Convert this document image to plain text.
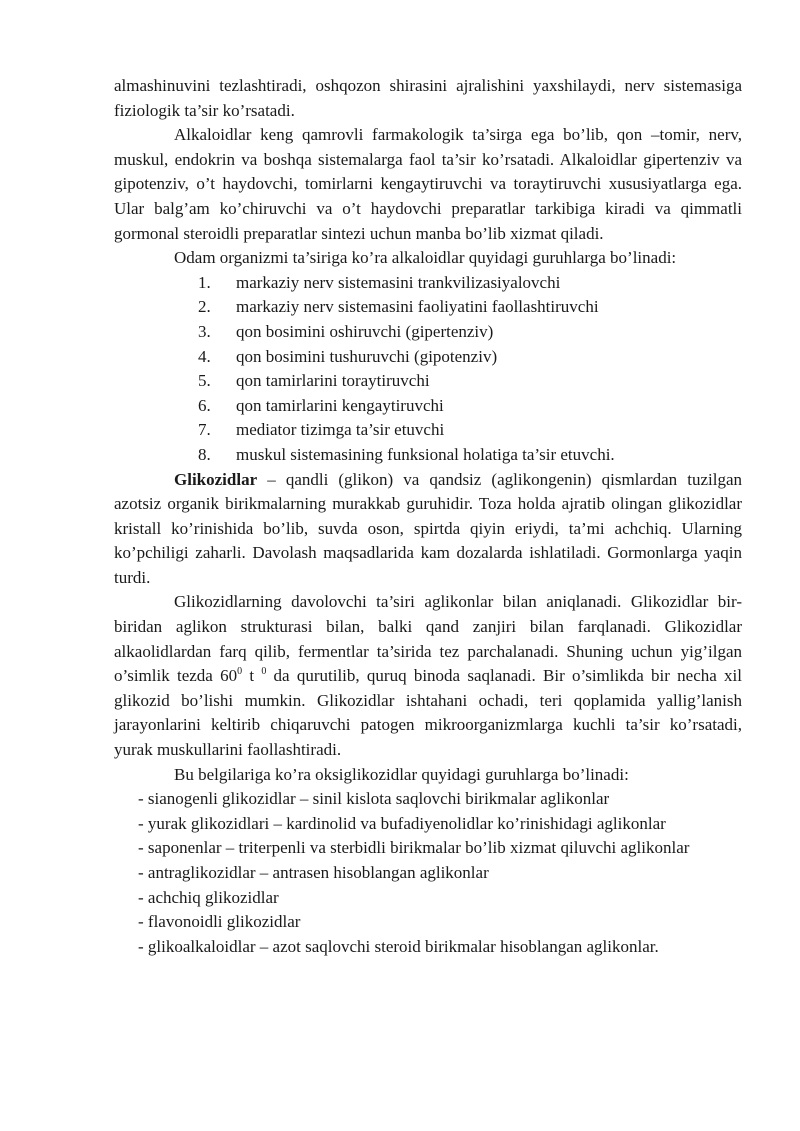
almashinuvini tezlashtiradi, oshqozon shirasini ajralishini yaxshilaydi, nerv sistemasiga fiziologik ta’sir ko’rsatadi.

Alkaloidlar keng qamrovli farmakologik ta’sirga ega bo’lib, qon –tomir, nerv, muskul, endokrin va boshqa sistemalarga faol ta’sir ko’rsatadi. Alkaloidlar gipertenziv va gipotenziv, o’t haydovchi, tomirlarni kengaytiruvchi va toraytiruvchi xususiyatlarga ega. Ular balg’am ko’chiruvchi va o’t haydovchi preparatlar tarkibiga kiradi va qimmatli gormonal steroidli preparatlar sintezi uchun manba bo’lib xizmat qiladi.

Odam organizmi ta’siriga ko’ra alkaloidlar quyidagi guruhlarga bo’linadi:

1. markaziy nerv sistemasini trankvilizasiyalovchi
2. markaziy nerv sistemasini faoliyatini faollashtiruvchi
3. qon bosimini oshiruvchi (gipertenziv)
4. qon bosimini tushuruvchi (gipotenziv)
5. qon tamirlarini toraytiruvchi
6. qon tamirlarini kengaytiruvchi
7. mediator tizimga ta’sir etuvchi
8. muskul sistemasining funksional holatiga ta’sir etuvchi.

Glikozidlar – qandli (glikon) va qandsiz (aglikongenin) qismlardan tuzilgan azotsiz organik birikmalarning murakkab guruhidir. Toza holda ajratib olingan glikozidlar kristall ko’rinishida bo’lib, suvda oson, spirtda qiyin eriydi, ta’mi achchiq. Ularning ko’pchiligi zaharli. Davolash maqsadlarida kam dozalarda ishlatiladi. Gormonlarga yaqin turdi.

Glikozidlarning davolovchi ta’siri aglikonlar bilan aniqlanadi. Glikozidlar bir-biridan aglikon strukturasi bilan, balki qand zanjiri bilan farqlanadi. Glikozidlar alkaolidlardan farq qilib, fermentlar ta’sirida tez parchalanadi. Shuning uchun yig’ilgan o’simlik tezda $60^0$ t $^0$ da qurutilib, quruq binoda saqlanadi. Bir o’simlikda bir necha xil glikozid bo’lishi mumkin. Glikozidlar ishtahani ochadi, teri qoplamida yallig’lanish jarayonlarini keltirib chiqaruvchi patogen mikroorganizmlarga kuchli ta’sir ko’rsatadi, yurak muskullarini faollashtiradi.

Bu belgilariga ko’ra oksiglikozidlar quyidagi guruhlarga bo’linadi:

- sianogenli glikozidlar – sinil kislota saqlovchi birikmalar aglikonlar
- yurak glikozidlari – kardinolid va bufadiyenolidlar ko’rinishidagi aglikonlar
- saponenlar – triterpenli va sterbidli birikmalar bo’lib xizmat qiluvchi aglikonlar
- antraglikozidlar – antrasen hisoblangan aglikonlar
- achchiq glikozidlar
- flavonoidli glikozidlar
- glikoalkaloidlar – azot saqlovchi steroid birikmalar hisoblangan aglikonlar.
